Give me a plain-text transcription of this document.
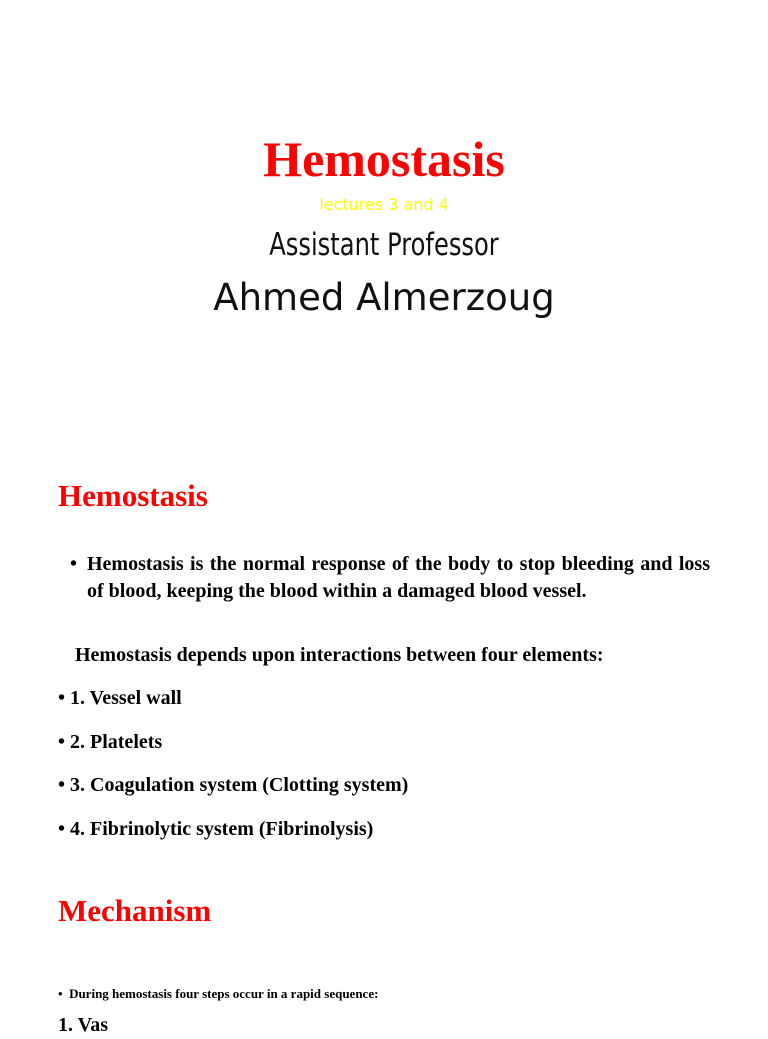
Hemostasis
lectures 3 and 4
Assistant Professor
Ahmed Almerzoug
Hemostasis
• Hemostasis is the normal response of the body to stop bleeding and loss of blood, keeping the blood within a damaged blood vessel.
Hemostasis depends upon interactions between four elements:
• 1. Vessel wall
• 2. Platelets
• 3. Coagulation system (Clotting system)
• 4. Fibrinolytic system (Fibrinolysis)
Mechanism
• During hemostasis four steps occur in a rapid sequence:
1. Vas
